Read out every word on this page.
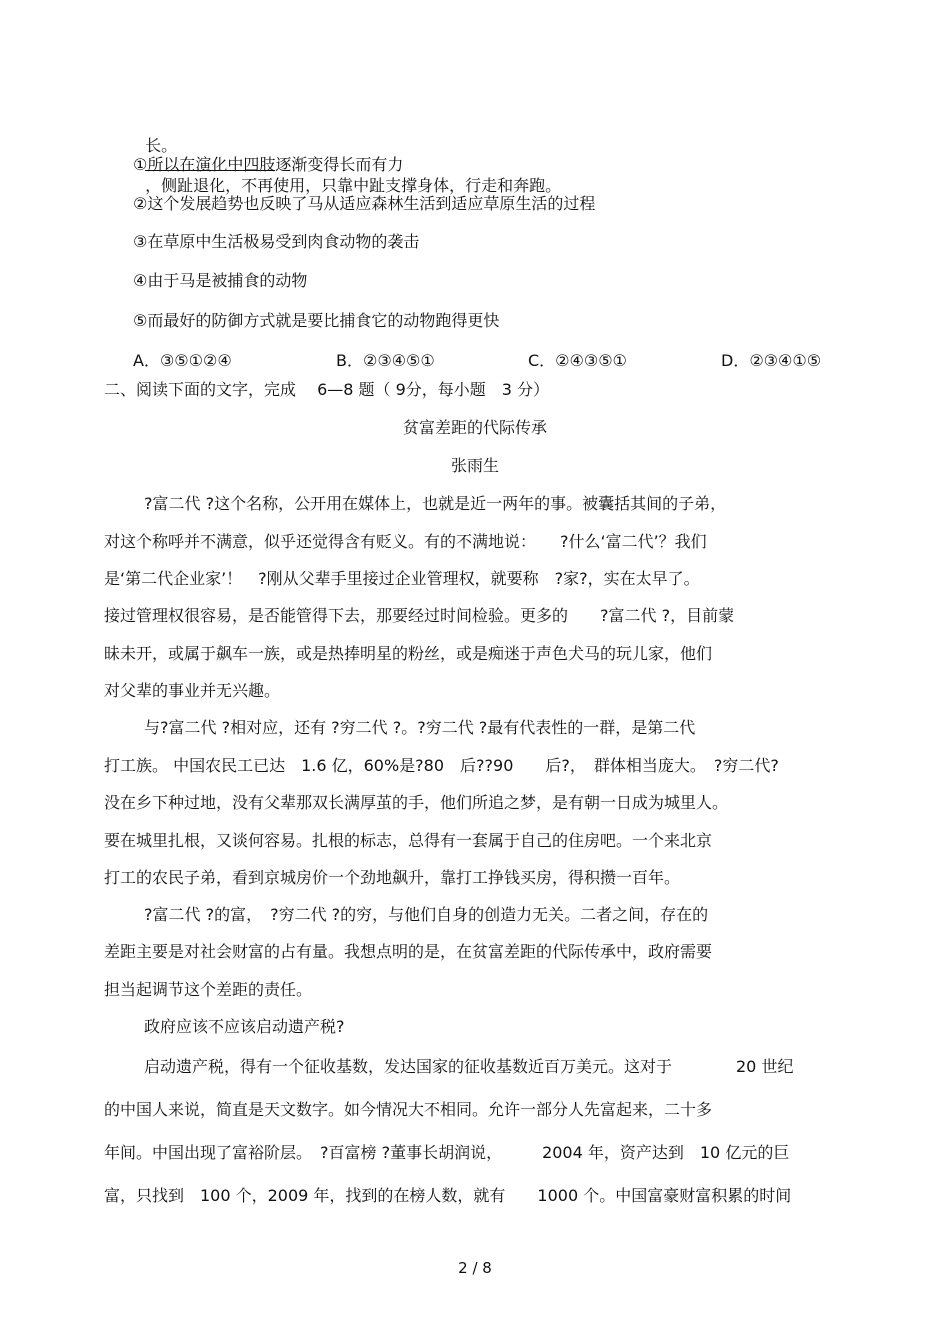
长。

，侧趾退化，不再使用，只靠中趾支撑身体，行走和奔跑。

①所以在演化中四肢逐渐变得长而有力
②这个发展趋势也反映了马从适应森林生活到适应草原生活的过程
③在草原中生活极易受到肉食动物的袭击
④由于马是被捕食的动物
⑤而最好的防御方式就是要比捕食它的动物跑得更快
A．③⑤①②④	B．②③④⑤①	C．②④③⑤①	D．②③④①⑤
二、阅读下面的文字，完成　 6—8 题（ 9分，每小题　3 分）
贫富差距的代际传承
张雨生
?富二代 ?这个名称，公开用在媒体上，也就是近一两年的事。被囊括其间的子弟，
对这个称呼并不满意，似乎还觉得含有贬义。有的不满地说：　　?什么‘富二代’？我们
是‘第二代企业家’！　?刚从父辈手里接过企业管理权，就要称　?家?，实在太早了。
接过管理权很容易，是否能管得下去，那要经过时间检验。更多的　　?富二代 ?，目前蒙
昧未开，或属于飙车一族，或是热捧明星的粉丝，或是痴迷于声色犬马的玩儿家，他们
对父辈的事业并无兴趣。
与?富二代 ?相对应，还有 ?穷二代 ?。?穷二代 ?最有代表性的一群，是第二代
打工族。 中国农民工已达　1.6 亿，60%是?80　后??90　　后?，　群体相当庞大。　?穷二代?
没在乡下种过地，没有父辈那双长满厚茧的手，他们所追之梦，是有朝一日成为城里人。
要在城里扎根，又谈何容易。扎根的标志，总得有一套属于自己的住房吧。一个来北京
打工的农民子弟，看到京城房价一个劲地飙升，靠打工挣钱买房，得积攒一百年。
?富二代 ?的富，　?穷二代 ?的穷，与他们自身的创造力无关。二者之间，存在的
差距主要是对社会财富的占有量。我想点明的是，在贫富差距的代际传承中，政府需要
担当起调节这个差距的责任。
政府应该不应该启动遗产税?
启动遗产税，得有一个征收基数，发达国家的征收基数近百万美元。这对于　　　　20 世纪
的中国人来说，简直是天文数字。如今情况大不相同。允许一部分人先富起来，二十多
年间。中国出现了富裕阶层。　?百富榜 ?董事长胡润说，　　　2004 年，资产达到　10 亿元的巨
富，只找到　100 个，2009 年，找到的在榜人数，就有　　1000 个。中国富豪财富积累的时间
2 / 8
